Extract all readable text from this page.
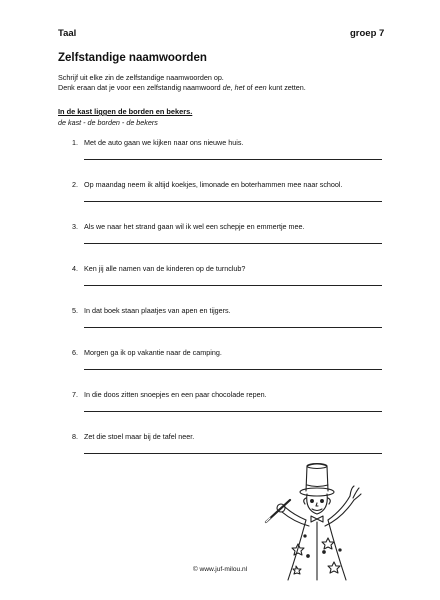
Taal	groep 7
Zelfstandige naamwoorden
Schrijf uit elke zin de zelfstandige naamwoorden op.
Denk eraan dat je voor een zelfstandig naamwoord de, het of een kunt zetten.
In de kast liggen de borden en bekers.
de kast - de borden - de bekers
1. Met de auto gaan we kijken naar ons nieuwe huis.
2. Op maandag neem ik altijd koekjes, limonade en boterhammen mee naar school.
3. Als we naar het strand gaan wil ik wel een schepje en emmertje mee.
4. Ken jij alle namen van de kinderen op de turnclub?
5. In dat boek staan plaatjes van apen en tijgers.
6. Morgen ga ik op vakantie naar de camping.
7. In die doos zitten snoepjes en een paar chocolade repen.
8. Zet die stoel maar bij de tafel neer.
© www.juf-milou.nl
